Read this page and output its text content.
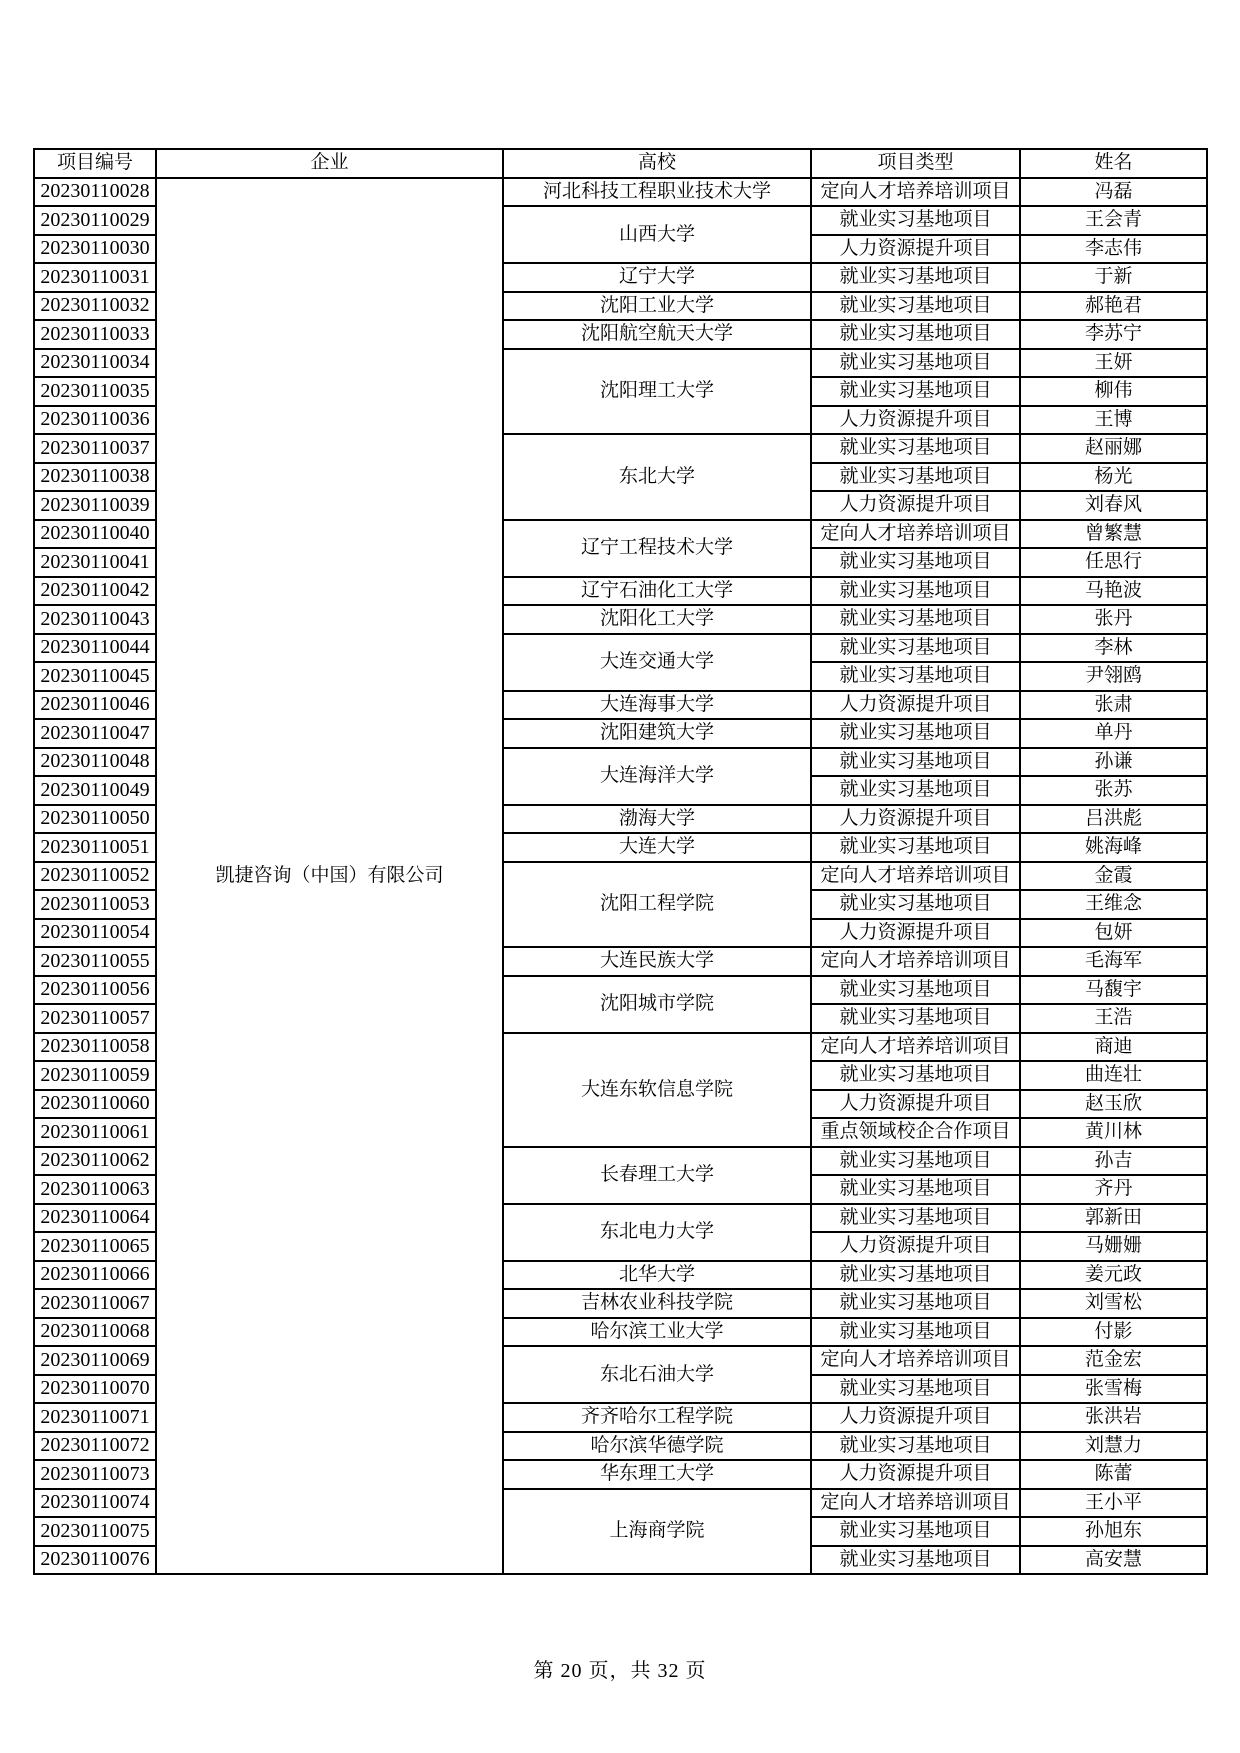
项目编号	企业	高校	项目类型	姓名
20230110028	凯捷咨询（中国）有限公司	河北科技工程职业技术大学	定向人才培养培训项目	冯磊
20230110029		山西大学	就业实习基地项目	王会青
20230110030			人力资源提升项目	李志伟
20230110031		辽宁大学	就业实习基地项目	于新
20230110032		沈阳工业大学	就业实习基地项目	郝艳君
20230110033		沈阳航空航天大学	就业实习基地项目	李苏宁
20230110034		沈阳理工大学	就业实习基地项目	王妍
20230110035			就业实习基地项目	柳伟
20230110036			人力资源提升项目	王博
20230110037		东北大学	就业实习基地项目	赵丽娜
20230110038			就业实习基地项目	杨光
20230110039			人力资源提升项目	刘春风
20230110040		辽宁工程技术大学	定向人才培养培训项目	曾繁慧
20230110041			就业实习基地项目	任思行
20230110042		辽宁石油化工大学	就业实习基地项目	马艳波
20230110043		沈阳化工大学	就业实习基地项目	张丹
20230110044		大连交通大学	就业实习基地项目	李林
20230110045			就业实习基地项目	尹翎鸥
20230110046		大连海事大学	人力资源提升项目	张肃
20230110047		沈阳建筑大学	就业实习基地项目	单丹
20230110048		大连海洋大学	就业实习基地项目	孙谦
20230110049			就业实习基地项目	张苏
20230110050		渤海大学	人力资源提升项目	吕洪彪
20230110051		大连大学	就业实习基地项目	姚海峰
20230110052		沈阳工程学院	定向人才培养培训项目	金霞
20230110053			就业实习基地项目	王维念
20230110054			人力资源提升项目	包妍
20230110055		大连民族大学	定向人才培养培训项目	毛海军
20230110056		沈阳城市学院	就业实习基地项目	马馥宇
20230110057			就业实习基地项目	王浩
20230110058		大连东软信息学院	定向人才培养培训项目	商迪
20230110059			就业实习基地项目	曲连壮
20230110060			人力资源提升项目	赵玉欣
20230110061			重点领域校企合作项目	黄川林
20230110062		长春理工大学	就业实习基地项目	孙吉
20230110063			就业实习基地项目	齐丹
20230110064		东北电力大学	就业实习基地项目	郭新田
20230110065			人力资源提升项目	马姗姗
20230110066		北华大学	就业实习基地项目	姜元政
20230110067		吉林农业科技学院	就业实习基地项目	刘雪松
20230110068		哈尔滨工业大学	就业实习基地项目	付影
20230110069		东北石油大学	定向人才培养培训项目	范金宏
20230110070			就业实习基地项目	张雪梅
20230110071		齐齐哈尔工程学院	人力资源提升项目	张洪岩
20230110072		哈尔滨华德学院	就业实习基地项目	刘慧力
20230110073		华东理工大学	人力资源提升项目	陈蕾
20230110074		上海商学院	定向人才培养培训项目	王小平
20230110075			就业实习基地项目	孙旭东
20230110076			就业实习基地项目	高安慧
第 20 页，共 32 页
